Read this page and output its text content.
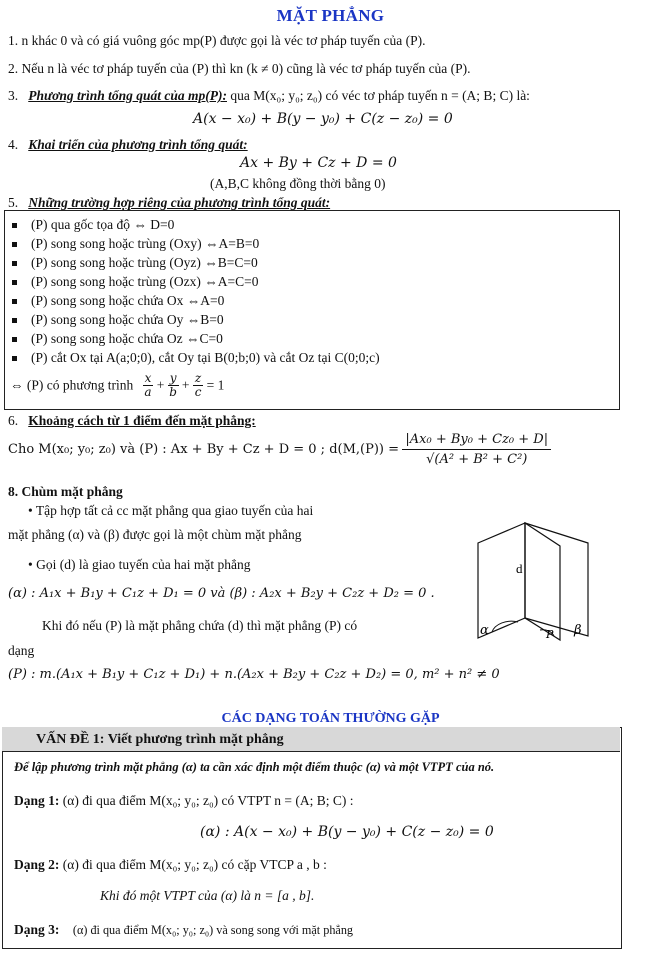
MẶT PHẲNG
1. n khác 0 và có giá vuông góc mp(P) được gọi là véc tơ pháp tuyến của (P).
2. Nếu n là véc tơ pháp tuyến của (P) thì kn (k ≠ 0) cũng là véc tơ pháp tuyến của (P).
3. Phương trình tổng quát của mp(P): qua M(x₀; y₀; z₀) có véc tơ pháp tuyến n = (A; B; C) là:
A(x − x₀) + B(y − y₀) + C(z − z₀) = 0
4. Khai triển của phương trình tổng quát:
Ax + By + Cz + D = 0
(A,B,C không đồng thời bằng 0)
5. Những trường hợp riêng của phương trình tổng quát:
(P) qua gốc tọa độ ⇔ D=0
(P) song song hoặc trùng (Oxy) ⇔A=B=0
(P) song song hoặc trùng (Oyz) ⇔B=C=0
(P) song song hoặc trùng (Ozx) ⇔A=C=0
(P) song song hoặc chứa Ox ⇔A=0
(P) song song hoặc chứa Oy ⇔B=0
(P) song song hoặc chứa Oz ⇔C=0
(P) cắt Ox tại A(a;0;0), cắt Oy tại B(0;b;0) và cắt Oz tại C(0;0;c)
⇔ (P) có phương trình $\frac{x}{a} + \frac{y}{b} + \frac{z}{c} = 1$
6. Khoảng cách từ 1 điểm đến mặt phẳng:
Cho M(x₀; y₀; z₀) và (P) : Ax + By + Cz + D = 0 ; $d(M,(P)) = \frac{\text{|Ax₀ + By₀ + Cz₀ + D|}}{\text{√(A² + B² + C²)}}$
8. Chùm mặt phẳng
• Tập hợp tất cả cc mặt phẳng qua giao tuyến của hai
mặt phẳng (α) và (β) được gọi là một chùm mặt phẳng
• Gọi (d) là giao tuyến của hai mặt phẳng
(α) : A₁x + B₁y + C₁z + D₁ = 0 và (β) : A₂x + B₂y + C₂z + D₂ = 0 .
Khi đó nếu (P) là mặt phẳng chứa (d) thì mặt phẳng (P) có
dạng
(P) : m.(A₁x + B₁y + C₁z + D₁) + n.(A₂x + B₂y + C₂z + D₂) = 0, m² + n² ≠ 0
d
α	P β
CÁC DẠNG TOÁN THƯỜNG GẶP
VẤN ĐỀ 1: Viết phương trình mặt phẳng
Để lập phương trình mặt phẳng (α) ta cần xác định một điểm thuộc (α) và một VTPT của nó.
Dạng 1: (α) đi qua điểm M(x₀; y₀; z₀) có VTPT n = (A; B; C) :
(α) : A(x − x₀) + B(y − y₀) + C(z − z₀) = 0
Dạng 2: (α) đi qua điểm M(x₀; y₀; z₀) có cặp VTCP a , b :
Khi đó một VTPT của (α) là n = [a , b].
Dạng 3: (α) đi qua điểm M(x₀; y₀; z₀) và song song với mặt phẳng
